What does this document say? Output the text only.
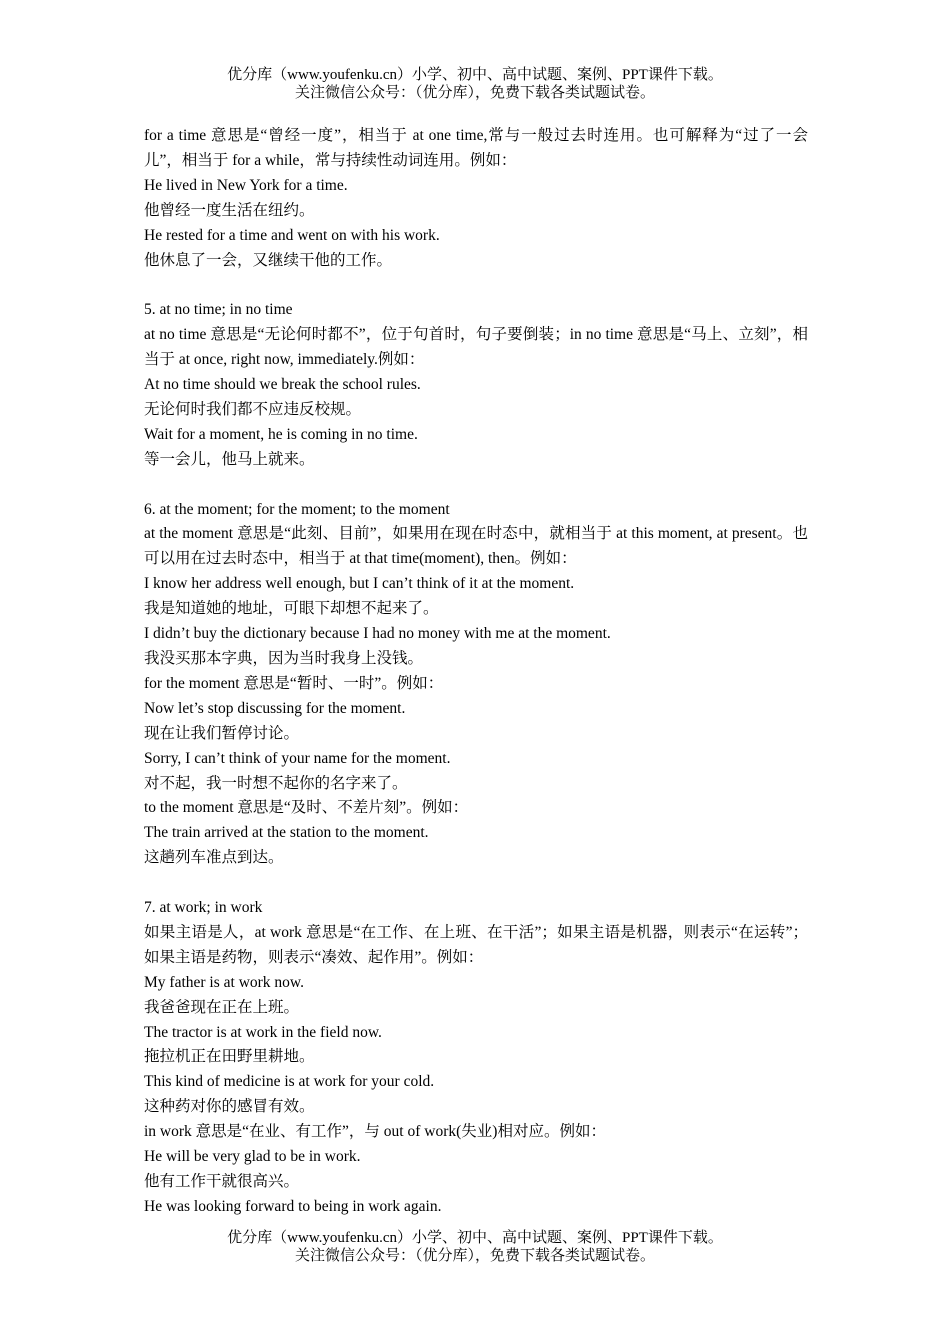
优分库（www.youfenku.cn）小学、初中、高中试题、案例、PPT课件下载。
关注微信公众号：（优分库），免费下载各类试题试卷。

for a time 意思是“曾经一度”，相当于 at one time,常与一般过去时连用。也可解释为“过了一会儿”，相当于 for a while，常与持续性动词连用。例如：

He lived in New York for a time.

他曾经一度生活在纽约。

He rested for a time and went on with his work.

他休息了一会，又继续干他的工作。

5. at no time; in no time

at no time 意思是“无论何时都不”，位于句首时，句子要倒装；in no time 意思是“马上、立刻”，相当于 at once, right now, immediately.例如：

At no time should we break the school rules.

无论何时我们都不应违反校规。

Wait for a moment, he is coming in no time.

等一会儿，他马上就来。

6. at the moment; for the moment; to the moment

at the moment 意思是“此刻、目前”，如果用在现在时态中，就相当于 at this moment, at present。也可以用在过去时态中，相当于 at that time(moment), then。例如：

I know her address well enough, but I can’t think of it at the moment.

我是知道她的地址，可眼下却想不起来了。

I didn’t buy the dictionary because I had no money with me at the moment.

我没买那本字典，因为当时我身上没钱。

for the moment 意思是“暂时、一时”。例如：

Now let’s stop discussing for the moment.

现在让我们暂停讨论。

Sorry, I can’t think of your name for the moment.

对不起，我一时想不起你的名字来了。

to the moment 意思是“及时、不差片刻”。例如：

The train arrived at the station to the moment.

这趟列车准点到达。

7. at work; in work

如果主语是人，at work 意思是“在工作、在上班、在干活”；如果主语是机器，则表示“在运转”；如果主语是药物，则表示“凑效、起作用”。例如：

My father is at work now.

我爸爸现在正在上班。

The tractor is at work in the field now.

拖拉机正在田野里耕地。

This kind of medicine is at work for your cold.

这种药对你的感冒有效。

in work 意思是“在业、有工作”，与 out of work(失业)相对应。例如：

He will be very glad to be in work.

他有工作干就很高兴。

He was looking forward to being in work again.

优分库（www.youfenku.cn）小学、初中、高中试题、案例、PPT课件下载。
关注微信公众号：（优分库），免费下载各类试题试卷。
